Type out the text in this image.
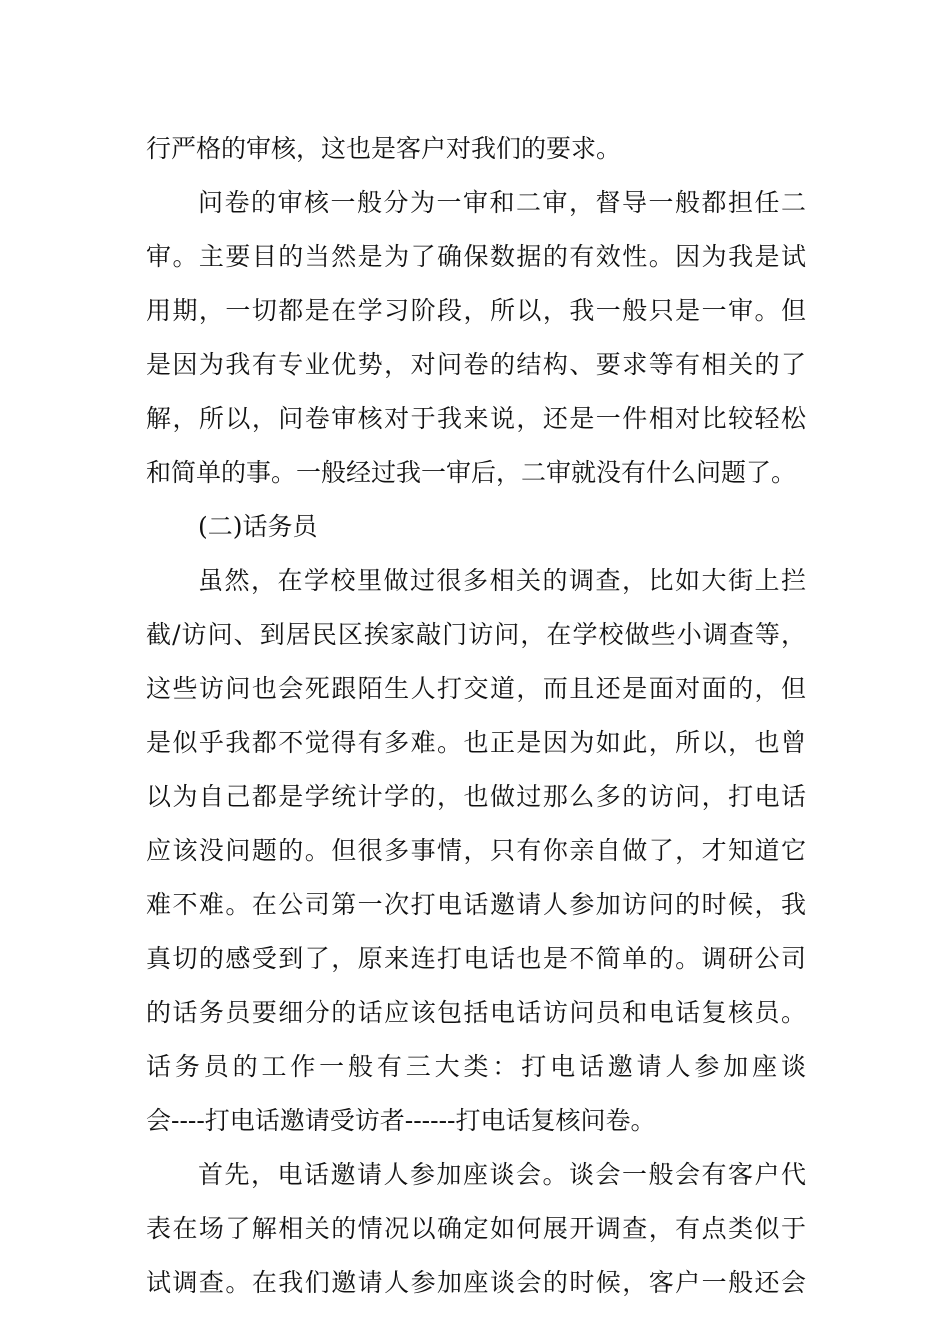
行严格的审核，这也是客户对我们的要求。
问卷的审核一般分为一审和二审，督导一般都担任二
审。主要目的当然是为了确保数据的有效性。因为我是试
用期，一切都是在学习阶段，所以，我一般只是一审。但
是因为我有专业优势，对问卷的结构、要求等有相关的了
解，所以，问卷审核对于我来说，还是一件相对比较轻松
和简单的事。一般经过我一审后，二审就没有什么问题了。
(二)话务员
虽然，在学校里做过很多相关的调查，比如大街上拦
截/访问、到居民区挨家敲门访问，在学校做些小调查等，
这些访问也会死跟陌生人打交道，而且还是面对面的，但
是似乎我都不觉得有多难。也正是因为如此，所以，也曾
以为自己都是学统计学的，也做过那么多的访问，打电话
应该没问题的。但很多事情，只有你亲自做了，才知道它
难不难。在公司第一次打电话邀请人参加访问的时候，我
真切的感受到了，原来连打电话也是不简单的。调研公司
的话务员要细分的话应该包括电话访问员和电话复核员。
话务员的工作一般有三大类：打电话邀请人参加座谈
会----打电话邀请受访者------打电话复核问卷。
首先，电话邀请人参加座谈会。谈会一般会有客户代
表在场了解相关的情况以确定如何展开调查，有点类似于
试调查。在我们邀请人参加座谈会的时候，客户一般还会
